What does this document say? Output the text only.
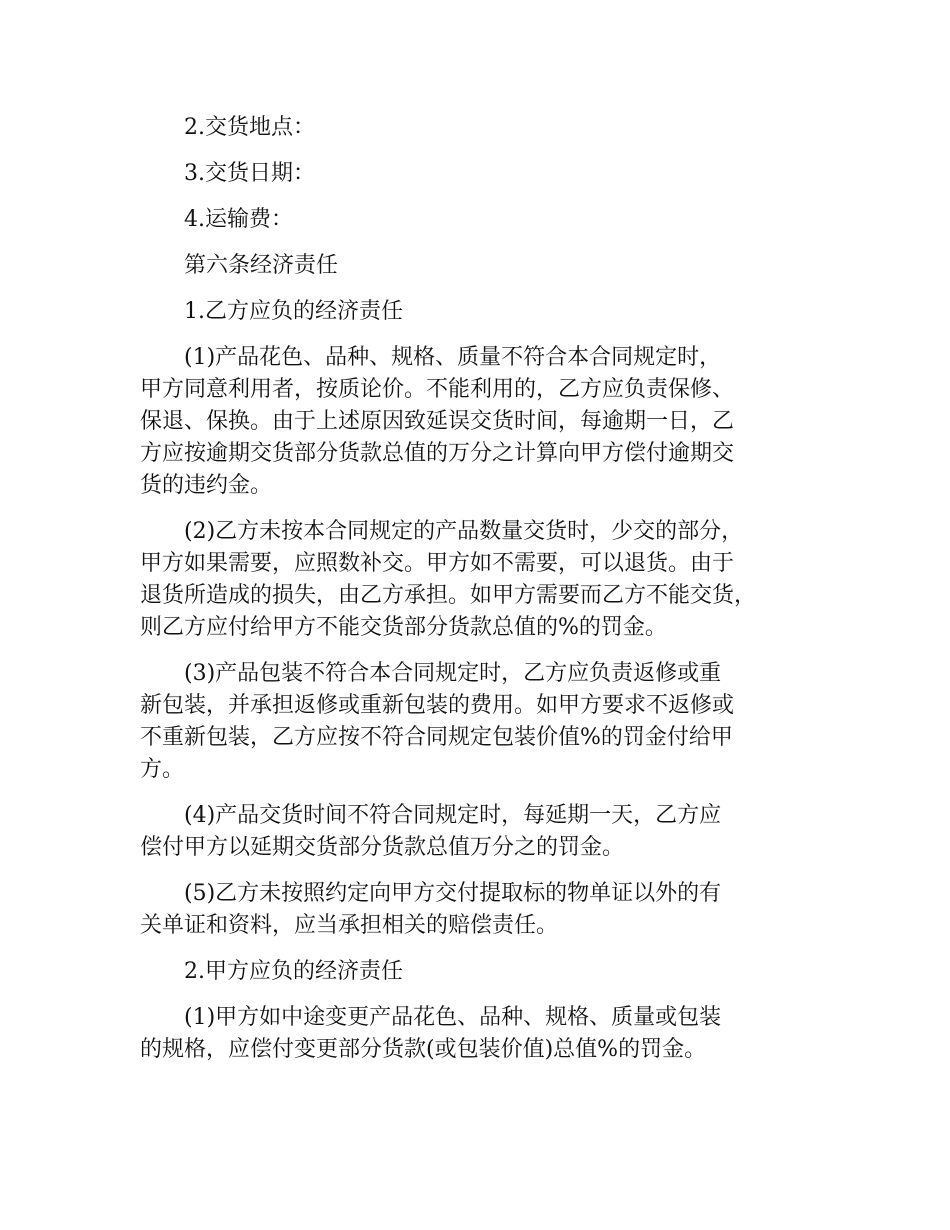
2.交货地点：

3.交货日期：

4.运输费：

第六条经济责任

1.乙方应负的经济责任

(1)产品花色、品种、规格、质量不符合本合同规定时，
甲方同意利用者，按质论价。不能利用的，乙方应负责保修、
保退、保换。由于上述原因致延误交货时间，每逾期一日，乙
方应按逾期交货部分货款总值的万分之计算向甲方偿付逾期交
货的违约金。
(2)乙方未按本合同规定的产品数量交货时，少交的部分，
甲方如果需要，应照数补交。甲方如不需要，可以退货。由于
退货所造成的损失，由乙方承担。如甲方需要而乙方不能交货，
则乙方应付给甲方不能交货部分货款总值的%的罚金。
(3)产品包装不符合本合同规定时，乙方应负责返修或重
新包装，并承担返修或重新包装的费用。如甲方要求不返修或
不重新包装，乙方应按不符合同规定包装价值%的罚金付给甲
方。
(4)产品交货时间不符合同规定时，每延期一天，乙方应
偿付甲方以延期交货部分货款总值万分之的罚金。
(5)乙方未按照约定向甲方交付提取标的物单证以外的有
关单证和资料，应当承担相关的赔偿责任。

2.甲方应负的经济责任

(1)甲方如中途变更产品花色、品种、规格、质量或包装
的规格，应偿付变更部分货款(或包装价值)总值%的罚金。
